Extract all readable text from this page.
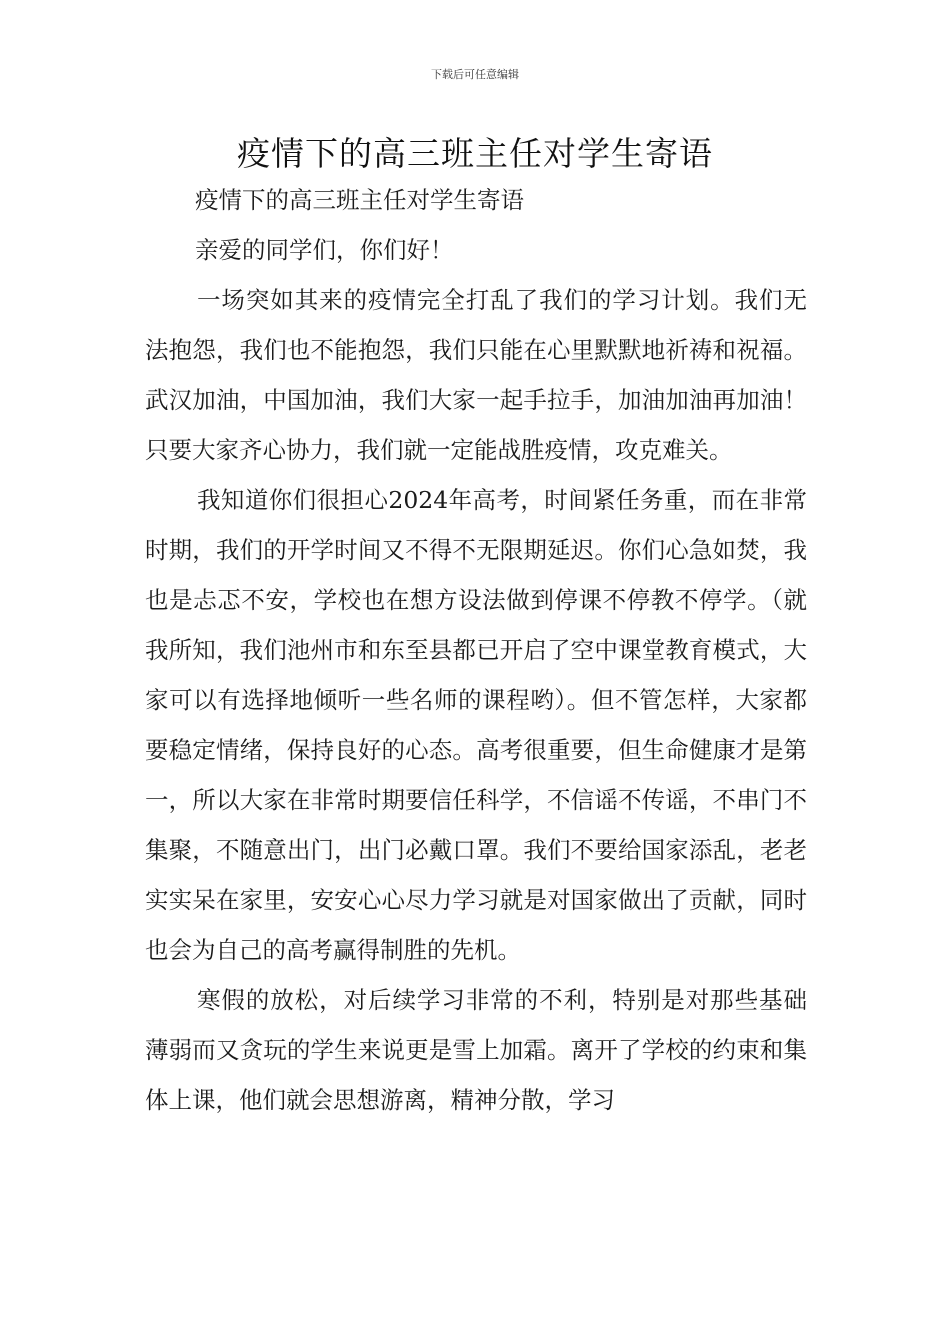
下载后可任意编辑
疫情下的高三班主任对学生寄语

疫情下的高三班主任对学生寄语

亲爱的同学们，你们好！

一场突如其来的疫情完全打乱了我们的学习计划。我们无法抱怨，我们也不能抱怨，我们只能在心里默默地祈祷和祝福。武汉加油，中国加油，我们大家一起手拉手，加油加油再加油！只要大家齐心协力，我们就一定能战胜疫情，攻克难关。

我知道你们很担心2024年高考，时间紧任务重，而在非常时期，我们的开学时间又不得不无限期延迟。你们心急如焚，我也是忐忑不安，学校也在想方设法做到停课不停教不停学。（就我所知，我们池州市和东至县都已开启了空中课堂教育模式，大家可以有选择地倾听一些名师的课程哟）。但不管怎样，大家都要稳定情绪，保持良好的心态。高考很重要，但生命健康才是第一，所以大家在非常时期要信任科学，不信谣不传谣，不串门不集聚，不随意出门，出门必戴口罩。我们不要给国家添乱，老老实实呆在家里，安安心心尽力学习就是对国家做出了贡献，同时也会为自己的高考赢得制胜的先机。

寒假的放松，对后续学习非常的不利，特别是对那些基础薄弱而又贪玩的学生来说更是雪上加霜。离开了学校的约束和集体上课，他们就会思想游离，精神分散，学习
